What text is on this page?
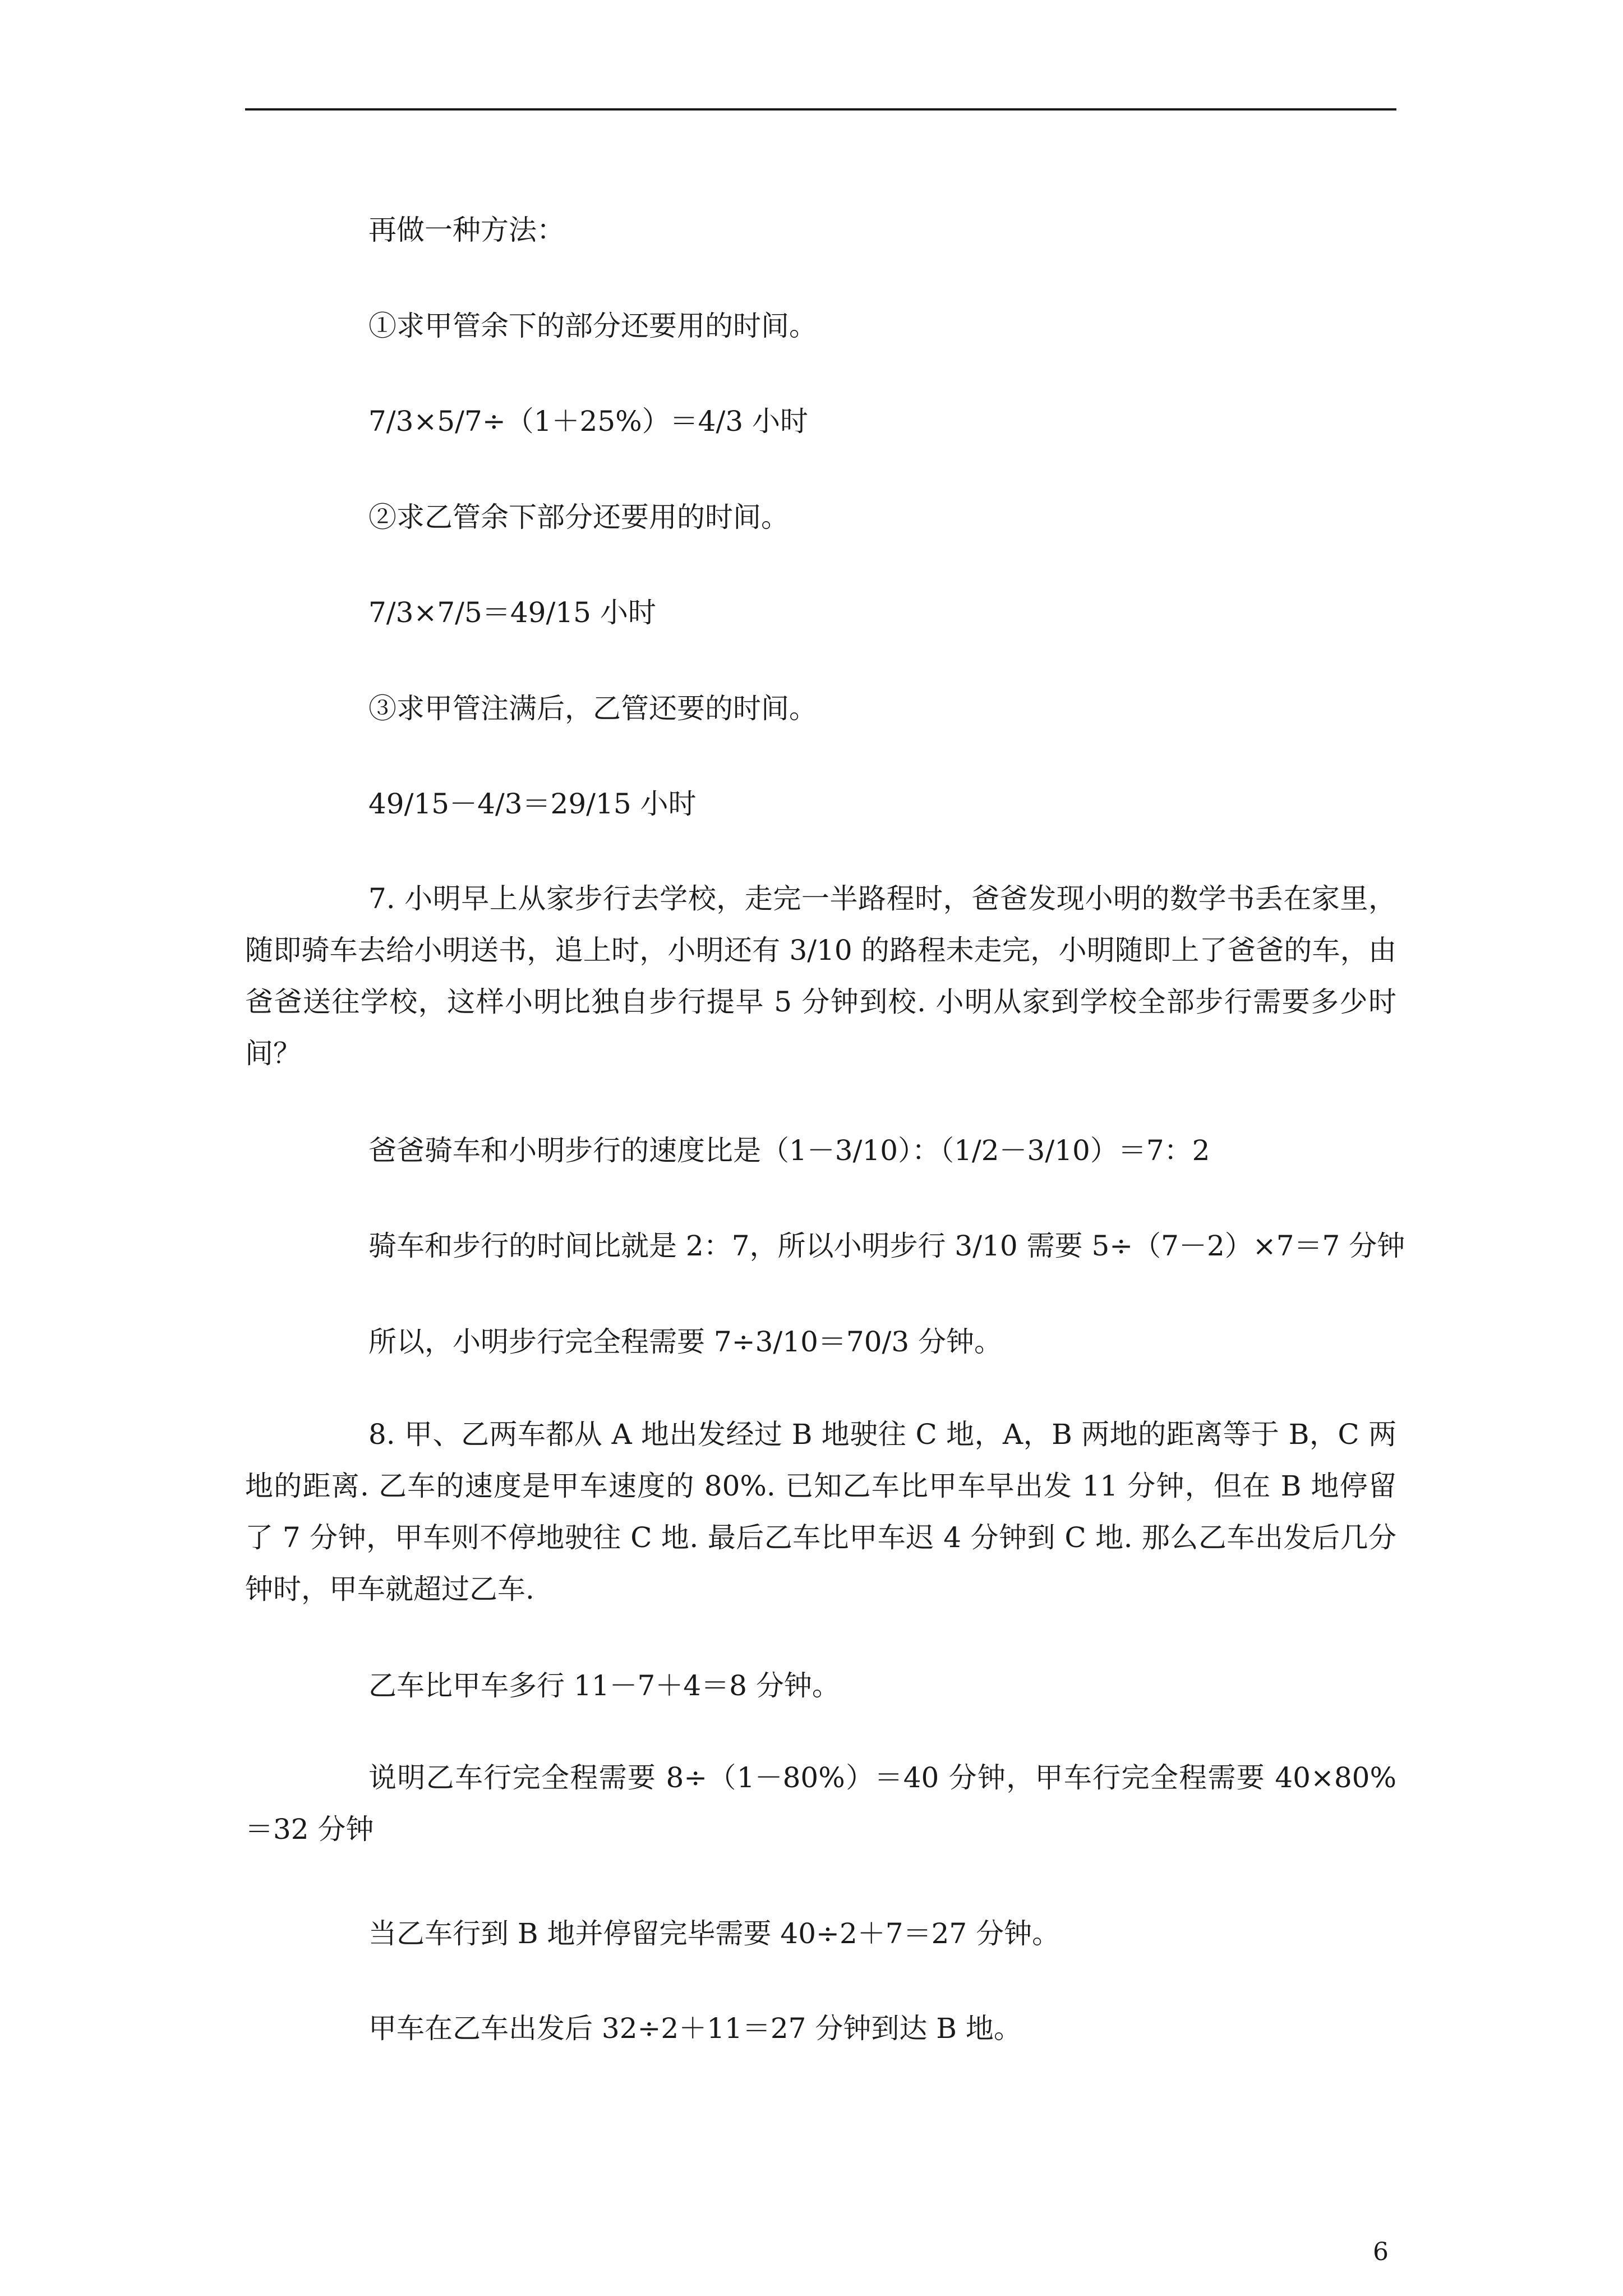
再做一种方法：

①求甲管余下的部分还要用的时间。

7/3×5/7÷（1＋25%）＝4/3 小时

②求乙管余下部分还要用的时间。

7/3×7/5＝49/15 小时

③求甲管注满后，乙管还要的时间。

49/15－4/3＝29/15 小时

7. 小明早上从家步行去学校，走完一半路程时，爸爸发现小明的数学书丢在家里，随即骑车去给小明送书，追上时，小明还有 3/10 的路程未走完，小明随即上了爸爸的车，由爸爸送往学校，这样小明比独自步行提早 5 分钟到校. 小明从家到学校全部步行需要多少时间？

爸爸骑车和小明步行的速度比是（1－3/10）：（1/2－3/10）＝7：2

骑车和步行的时间比就是 2：7，所以小明步行 3/10 需要 5÷（7－2）×7＝7 分钟

所以，小明步行完全程需要 7÷3/10＝70/3 分钟。

8. 甲、乙两车都从 A 地出发经过 B 地驶往 C 地，A，B 两地的距离等于 B，C 两地的距离. 乙车的速度是甲车速度的 80%. 已知乙车比甲车早出发 11 分钟，但在 B 地停留了 7 分钟，甲车则不停地驶往 C 地. 最后乙车比甲车迟 4 分钟到 C 地. 那么乙车出发后几分钟时，甲车就超过乙车.

乙车比甲车多行 11－7＋4＝8 分钟。

说明乙车行完全程需要 8÷（1－80%）＝40 分钟，甲车行完全程需要 40×80%＝32 分钟

当乙车行到 B 地并停留完毕需要 40÷2＋7＝27 分钟。

甲车在乙车出发后 32÷2＋11＝27 分钟到达 B 地。

6
